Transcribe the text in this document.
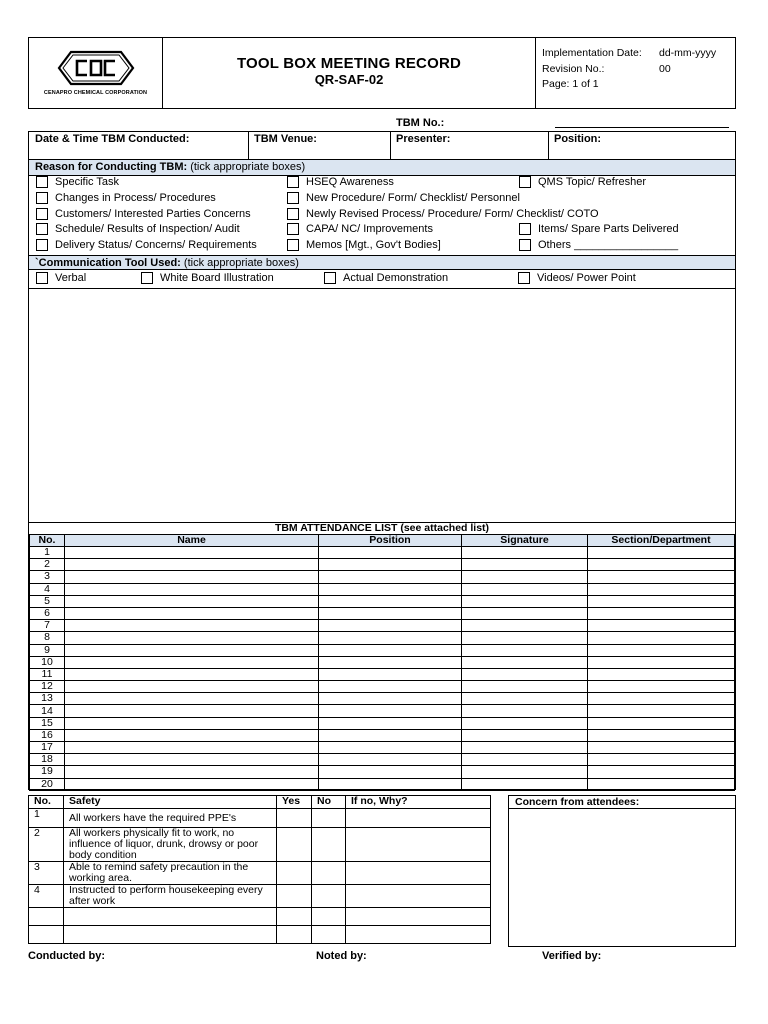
CENAPRO CHEMICAL CORPORATION
TOOL BOX MEETING RECORD
QR-SAF-02
Implementation Date:	dd-mm-yyyy
Revision No.:	00
Page: 1 of 1
TBM No.:
Date & Time TBM Conducted:	TBM Venue:	Presenter:	Position:
Reason for Conducting TBM: (tick appropriate boxes)
Specific Task	HSEQ Awareness	QMS Topic/ Refresher
Changes in Process/ Procedures	New Procedure/ Form/ Checklist/ Personnel
Customers/ Interested Parties Concerns	Newly Revised Process/ Procedure/ Form/ Checklist/ COTO
Schedule/ Results of Inspection/ Audit	CAPA/ NC/ Improvements	Items/ Spare Parts Delivered
Delivery Status/ Concerns/ Requirements	Memos [Mgt., Gov't Bodies]	Others _________________
`Communication Tool Used: (tick appropriate boxes)
Verbal	White Board Illustration	Actual Demonstration	Videos/ Power Point
TBM ATTENDANCE LIST (see attached list)
No.	Name	Position	Signature	Section/Department
1				
2				
3				
4				
5				
6				
7				
8				
9				
10				
11				
12				
13				
14				
15				
16				
17				
18				
19				
20				
No.	Safety	Yes	No	If no, Why?
1	All workers have the required PPE's			
2	All workers physically fit to work, no influence of liquor, drunk, drowsy or poor body condition			
3	Able to remind safety precaution in the working area.			
4	Instructed to perform housekeeping every after work			

Concern from attendees:
Conducted by:	Noted by:	Verified by:
